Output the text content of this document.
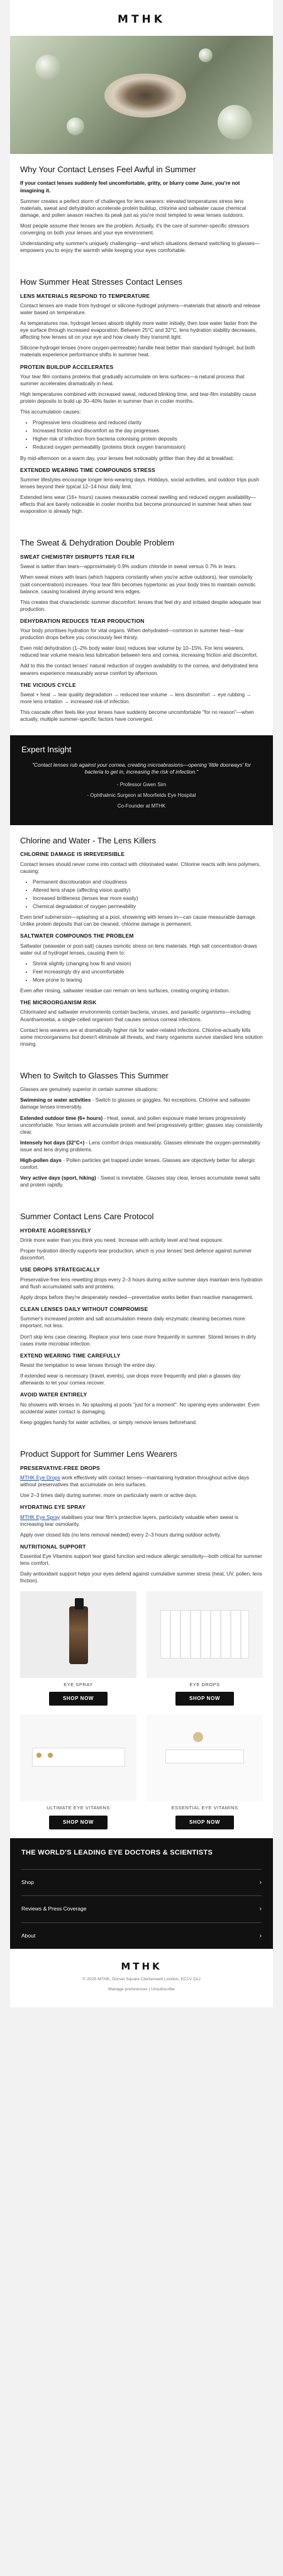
MTHK
Why Your Contact Lenses Feel Awful in Summer

If your contact lenses suddenly feel uncomfortable, gritty, or blurry come June, you're not imagining it.

Summer creates a perfect storm of challenges for lens wearers: elevated temperatures stress lens materials, sweat and dehydration accelerate protein buildup, chlorine and saltwater cause chemical damage, and pollen season reaches its peak just as you're most tempted to wear lenses outdoors.

Most people assume their lenses are the problem. Actually, it's the care of summer-specific stressors converging on both your lenses and your eye environment.

Understanding why summer's uniquely challenging—and which situations demand switching to glasses—empowers you to enjoy the warmth while keeping your eyes comfortable.

How Summer Heat Stresses Contact Lenses
LENS MATERIALS RESPOND TO TEMPERATURE

Contact lenses are made from hydrogel or silicone-hydrogel polymers—materials that absorb and release water based on temperature.

As temperatures rise, hydrogel lenses absorb slightly more water initially, then lose water faster from the eye surface through increased evaporation. Between 25°C and 32°C, lens hydration stability decreases, affecting how lenses sit on your eye and how clearly they transmit light.

Silicone-hydrogel lenses (more oxygen-permeable) handle heat better than standard hydrogel, but both materials experience performance shifts in summer heat.

PROTEIN BUILDUP ACCELERATES

Your tear film contains proteins that gradually accumulate on lens surfaces—a natural process that summer accelerates dramatically in heat.

High temperatures combined with increased sweat, reduced blinking time, and tear-film instability cause protein deposits to build up 30–40% faster in summer than in cooler months.

This accumulation causes:

• Progressive lens cloudiness and reduced clarity
• Increased friction and discomfort as the day progresses
• Higher risk of infection from bacteria colonising protein deposits
• Reduced oxygen permeability (proteins block oxygen transmission)

By mid-afternoon on a warm day, your lenses feel noticeably grittier than they did at breakfast.

EXTENDED WEARING TIME COMPOUNDS STRESS

Summer lifestyles encourage longer lens-wearing days. Holidays, social activities, and outdoor trips push lenses beyond their typical 12–14 hour daily limit.

Extended lens wear (16+ hours) causes measurable corneal swelling and reduced oxygen availability—effects that are barely noticeable in cooler months but become pronounced in summer heat when tear evaporation is already high.

The Sweat & Dehydration Double Problem
SWEAT CHEMISTRY DISRUPTS TEAR FILM

Sweat is saltier than tears—approximately 0.9% sodium chloride in sweat versus 0.7% in tears.

When sweat mixes with tears (which happens constantly when you're active outdoors), tear osmolarity (salt concentration) increases. Your tear film becomes hypertonic as your body tries to maintain osmotic balance, causing localised drying around lens edges.

This creates that characteristic summer discomfort: lenses that feel dry and irritated despite adequate tear production.

DEHYDRATION REDUCES TEAR PRODUCTION

Your body prioritises hydration for vital organs. When dehydrated—common in summer heat—tear production drops before you consciously feel thirsty.

Even mild dehydration (1–2% body water loss) reduces tear volume by 10–15%. For lens wearers, reduced tear volume means less lubrication between lens and cornea, increasing friction and discomfort.

Add to this the contact lenses' natural reduction of oxygen availability to the cornea, and dehydrated lens wearers experience measurably worse comfort by afternoon.

THE VICIOUS CYCLE

Sweat + heat → tear quality degradation → reduced tear volume → lens discomfort → eye rubbing → more lens irritation → increased risk of infection.

This cascade often feels like your lenses have suddenly become uncomfortable "for no reason"—when actually, multiple summer-specific factors have converged.

Expert Insight

"Contact lenses rub against your cornea, creating microabrasions—opening 'little doorways' for bacteria to get in, increasing the risk of infection."

- Professor Gwen Sim

- Ophthalmic Surgeon at Moorfields Eye Hospital

Co-Founder at MTHK

Chlorine and Water - The Lens Killers
CHLORINE DAMAGE IS IRREVERSIBLE

Contact lenses should never come into contact with chlorinated water. Chlorine reacts with lens polymers, causing:

• Permanent discolouration and cloudiness
• Altered lens shape (affecting vision quality)
• Increased brittleness (lenses tear more easily)
• Chemical degradation of oxygen permeability

Even brief submersion—splashing at a pool, showering with lenses in—can cause measurable damage. Unlike protein deposits that can be cleaned, chlorine damage is permanent.

SALTWATER COMPOUNDS THE PROBLEM

Saltwater (seawater or post-salt) causes osmotic stress on lens materials. High salt concentration draws water out of hydrogel lenses, causing them to:

• Shrink slightly (changing how fit and vision)
• Feel increasingly dry and uncomfortable
• More prone to tearing

Even after rinsing, saltwater residue can remain on lens surfaces, creating ongoing irritation.

THE MICROORGANISM RISK

Chlorinated and saltwater environments contain bacteria, viruses, and parasitic organisms—including Acanthamoeba, a single-celled organism that causes serious corneal infections.

Contact lens wearers are at dramatically higher risk for water-related infections. Chlorine-actually kills some microorganisms but doesn't eliminate all threats, and many organisms survive standard lens solution rinsing.

When to Switch to Glasses This Summer

Glasses are genuinely superior in certain summer situations:

Swimming or water activities - Switch to glasses or goggles. No exceptions. Chlorine and saltwater damage lenses irreversibly.

Extended outdoor time (6+ hours) - Heat, sweat, and pollen exposure make lenses progressively uncomfortable. Your lenses will accumulate protein and feel progressively grittier; glasses stay consistently clear.

Intensely hot days (32°C+) - Lens comfort drops measurably. Glasses eliminate the oxygen-permeability issue and lens drying problems.

High-pollen days - Pollen particles get trapped under lenses. Glasses are objectively better for allergic comfort.

Very active days (sport, hiking) - Sweat is inevitable. Glasses stay clear, lenses accumulate sweat salts and protein rapidly.

Summer Contact Lens Care Protocol
HYDRATE AGGRESSIVELY

Drink more water than you think you need. Increase with activity level and heat exposure.

Proper hydration directly supports tear production, which is your lenses' best defence against summer discomfort.

USE DROPS STRATEGICALLY

Preservative-free lens rewetting drops every 2–3 hours during active summer days maintain lens hydration and flush accumulated salts and proteins.

Apply drops before they're desperately needed—preventative works better than reactive management.

CLEAN LENSES DAILY WITHOUT COMPROMISE

Summer's increased protein and salt accumulation means daily enzymatic cleaning becomes more important, not less.

Don't skip lens case cleaning. Replace your lens case more frequently in summer. Stored lenses in dirty cases invite microbial infection.

EXTEND WEARING TIME CAREFULLY

Resist the temptation to wear lenses through the entire day.

If extended wear is necessary (travel, events), use drops more frequently and plan a glasses day afterwards to let your cornea recover.

AVOID WATER ENTIRELY

No showers with lenses in. No splashing at pools "just for a moment". No opening eyes underwater. Even accidental water contact is damaging.

Keep goggles handy for water activities, or simply remove lenses beforehand.

Product Support for Summer Lens Wearers
PRESERVATIVE-FREE DROPS

MTHK Eye Drops work effectively with contact lenses—maintaining hydration throughout active days without preservatives that accumulate on lens surfaces.

Use 2–3 times daily during summer, more on particularly warm or active days.

HYDRATING EYE SPRAY

MTHK Eye Spray stabilises your tear film's protective layers, particularly valuable when sweat is increasing tear osmolarity.

Apply over closed lids (no lens removal needed) every 2–3 hours during outdoor activity.

NUTRITIONAL SUPPORT

Essential Eye Vitamins support tear gland function and reduce allergic sensitivity—both critical for summer lens comfort.

Daily antioxidant support helps your eyes defend against cumulative summer stress (heat, UV, pollen, lens friction).

EYE SPRAY
SHOP NOW
EYE DROPS
SHOP NOW
ULTIMATE EYE VITAMINS
SHOP NOW
ESSENTIAL EYE VITAMINS
SHOP NOW
THE WORLD'S LEADING EYE DOCTORS & SCIENTISTS
Shop	›
Reviews & Press Coverage	›
About	›
MTHK
© 2025 MTHK, Dorset Square Clerkenwell London, EC1V 2AJ
Manage preferences | Unsubscribe
